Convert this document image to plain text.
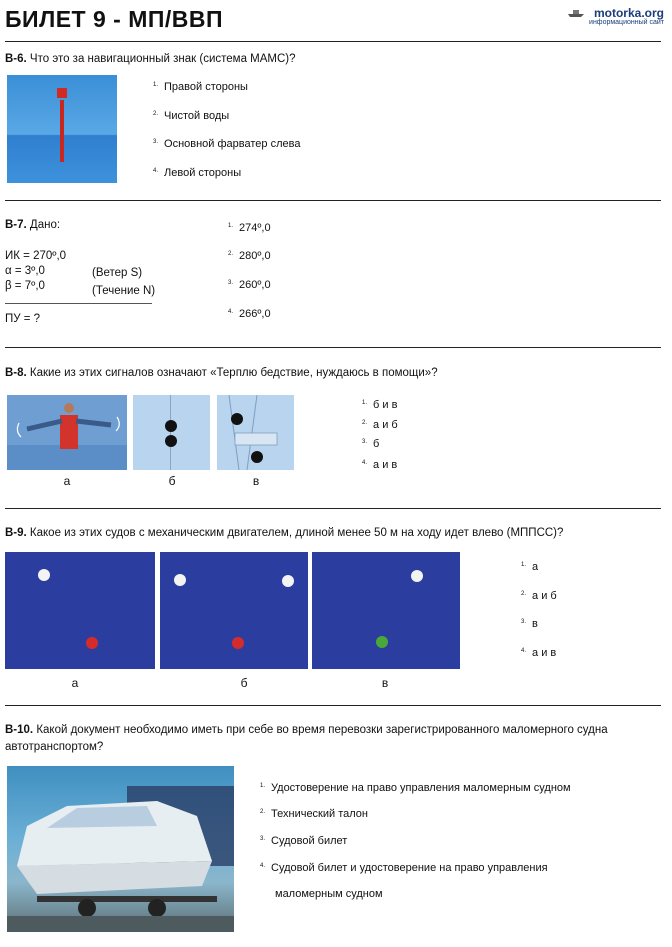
БИЛЕТ 9 - МП/ВВП	motorka.org
информационный сайт
В-6. Что это за навигационный знак (система МАМС)?
$^{1.}$ Правой стороны
$^{2.}$ Чистой воды
$^{3.}$ Основной фарватер слева
$^{4.}$ Левой стороны
В-7. Дано:
ИК = 270º,0
α = 3º,0
β = 7º,0
(Ветер S)
(Течение N)
ПУ = ?
$^{1.}$ 274º,0
$^{2.}$ 280º,0
$^{3.}$ 260º,0
$^{4.}$ 266º,0
В-8. Какие из этих сигналов означают «Терплю бедствие, нуждаюсь в помощи»?
а	б	в
$^{1.}$ б и в
$^{2.}$ а и б
$^{3.}$ б
$^{4.}$ а и в
В-9. Какое из этих судов с механическим двигателем, длиной менее 50 м на ходу идет влево (МППСС)?
а	б	в
$^{1.}$ а
$^{2.}$ а и б
$^{3.}$ в
$^{4.}$ а и в
В-10. Какой документ необходимо иметь при себе во время перевозки зарегистрированного маломерного судна автотранспортом?
$^{1.}$ Удостоверение на право управления маломерным судном
$^{2.}$ Технический талон
$^{3.}$ Судовой билет
$^{4.}$ Судовой билет и удостоверение на право управления
маломерным судном
